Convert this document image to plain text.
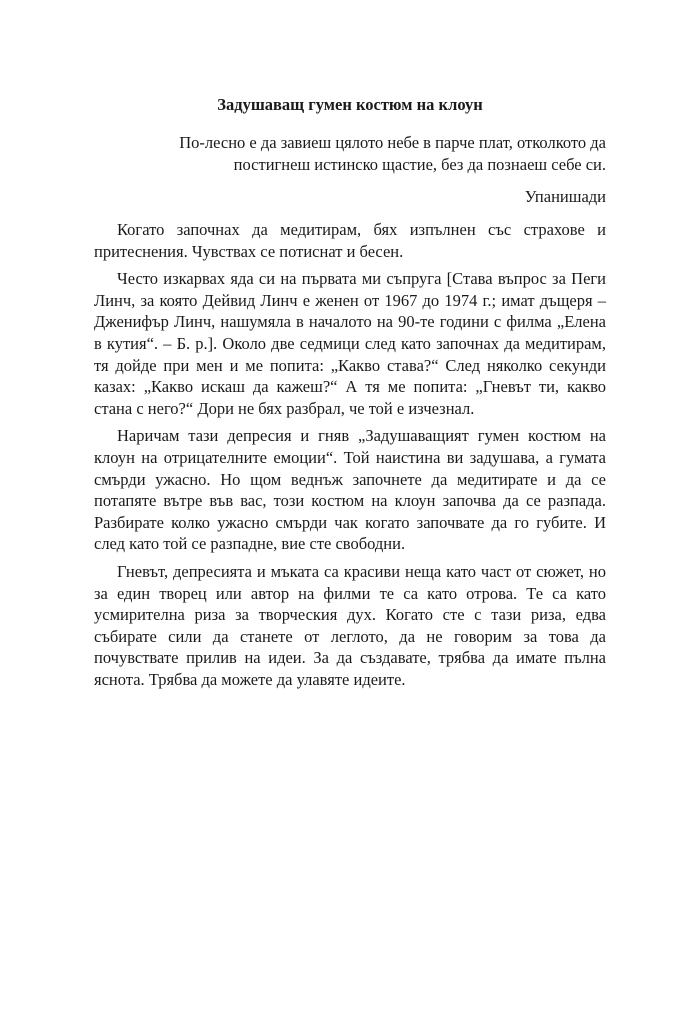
Задушаващ гумен костюм на клоун
По-лесно е да завиеш цялото небе в парче плат, отколкото да
постигнеш истинско щастие, без да познаеш себе си.
Упанишади

Когато започнах да медитирам, бях изпълнен със страхове и притеснения. Чувствах се потиснат и бесен.

Често изкарвах яда си на първата ми съпруга [Става въпрос за Пеги Линч, за която Дейвид Линч е женен от 1967 до 1974 г.; имат дъщеря – Дженифър Линч, нашумяла в началото на 90-те години с филма „Елена в кутия“. – Б. р.]. Около две седмици след като започнах да медитирам, тя дойде при мен и ме попита: „Какво става?“ След няколко секунди казах: „Какво искаш да кажеш?“ А тя ме попита: „Гневът ти, какво стана с него?“ Дори не бях разбрал, че той е изчезнал.

Наричам тази депресия и гняв „Задушаващият гумен костюм на клоун на отрицателните емоции“. Той наистина ви задушава, а гумата смърди ужасно. Но щом веднъж започнете да медитирате и да се потапяте вътре във вас, този костюм на клоун започва да се разпада. Разбирате колко ужасно смърди чак когато започвате да го губите. И след като той се разпадне, вие сте свободни.

Гневът, депресията и мъката са красиви неща като част от сюжет, но за един творец или автор на филми те са като отрова. Те са като усмирителна риза за творческия дух. Когато сте с тази риза, едва събирате сили да станете от леглото, да не говорим за това да почувствате прилив на идеи. За да създавате, трябва да имате пълна яснота. Трябва да можете да улавяте идеите.
